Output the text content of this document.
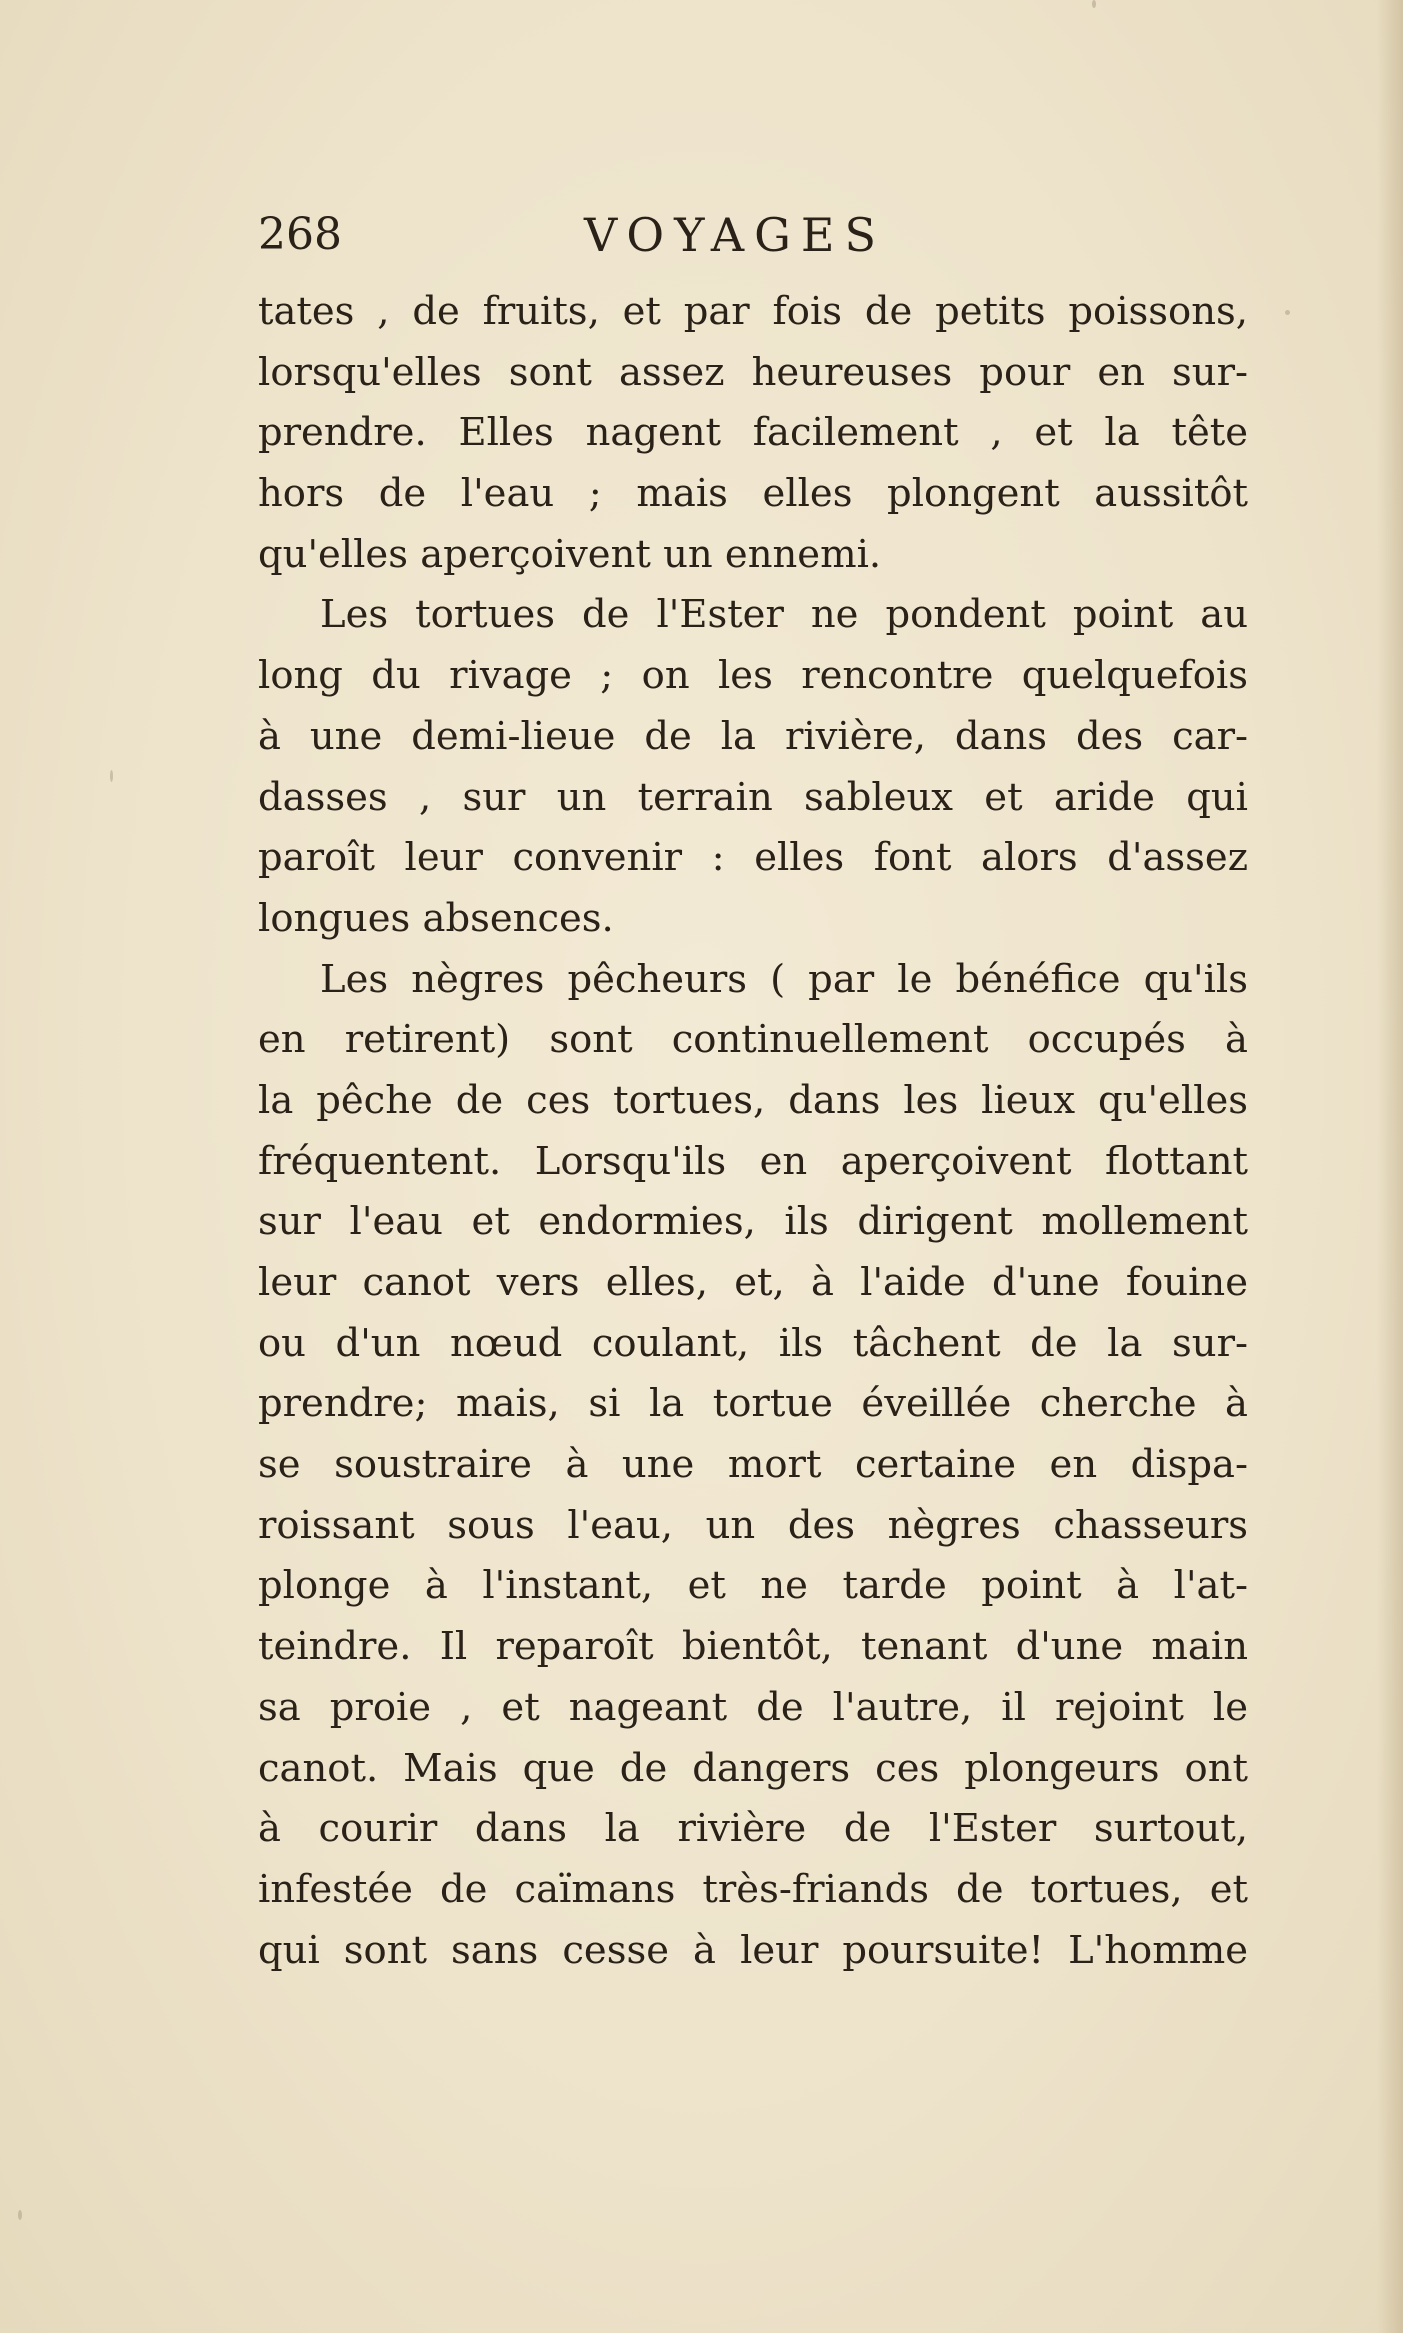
268	VOYAGES
tates , de fruits, et par fois de petits poissons,
lorsqu'elles sont assez heureuses pour en sur-
prendre. Elles nagent facilement , et la tête
hors de l'eau ; mais elles plongent aussitôt
qu'elles aperçoivent un ennemi.
Les tortues de l'Ester ne pondent point au
long du rivage ; on les rencontre quelquefois
à une demi-lieue de la rivière, dans des car-
dasses , sur un terrain sableux et aride qui
paroît leur convenir : elles font alors d'assez
longues absences.
Les nègres pêcheurs ( par le bénéfice qu'ils
en retirent) sont continuellement occupés à
la pêche de ces tortues, dans les lieux qu'elles
fréquentent. Lorsqu'ils en aperçoivent flottant
sur l'eau et endormies, ils dirigent mollement
leur canot vers elles, et, à l'aide d'une fouine
ou d'un nœud coulant, ils tâchent de la sur-
prendre; mais, si la tortue éveillée cherche à
se soustraire à une mort certaine en dispa-
roissant sous l'eau, un des nègres chasseurs
plonge à l'instant, et ne tarde point à l'at-
teindre. Il reparoît bientôt, tenant d'une main
sa proie , et nageant de l'autre, il rejoint le
canot. Mais que de dangers ces plongeurs ont
à courir dans la rivière de l'Ester surtout,
infestée de caïmans très-friands de tortues, et
qui sont sans cesse à leur poursuite! L'homme
